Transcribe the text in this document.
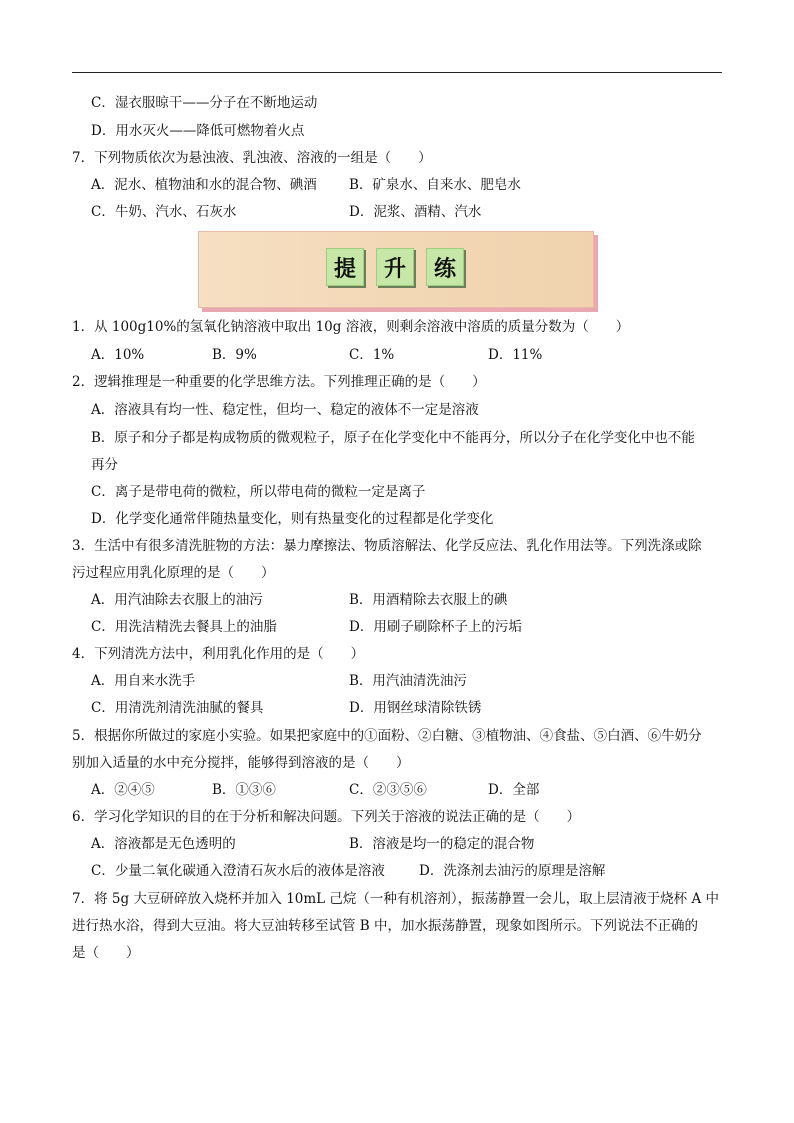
C．湿衣服晾干——分子在不断地运动
D．用水灭火——降低可燃物着火点
7．下列物质依次为悬浊液、乳浊液、溶液的一组是（　　）
A．泥水、植物油和水的混合物、碘酒 B．矿泉水、自来水、肥皂水
C．牛奶、汽水、石灰水	D．泥浆、酒精、汽水
提	升	练
1．从 100g10%的氢氧化钠溶液中取出 10g 溶液，则剩余溶液中溶质的质量分数为（　　）
A．10%	B．9%	C．1%	D．11%
2．逻辑推理是一种重要的化学思维方法。下列推理正确的是（　　）
A．溶液具有均一性、稳定性，但均一、稳定的液体不一定是溶液
B．原子和分子都是构成物质的微观粒子，原子在化学变化中不能再分，所以分子在化学变化中也不能
再分
C．离子是带电荷的微粒，所以带电荷的微粒一定是离子
D．化学变化通常伴随热量变化，则有热量变化的过程都是化学变化
3．生活中有很多清洗脏物的方法：暴力摩擦法、物质溶解法、化学反应法、乳化作用法等。下列洗涤或除
污过程应用乳化原理的是（　　）
A．用汽油除去衣服上的油污	B．用酒精除去衣服上的碘
C．用洗洁精洗去餐具上的油脂	D．用刷子刷除杯子上的污垢
4．下列清洗方法中，利用乳化作用的是（　　）
A．用自来水洗手	B．用汽油清洗油污
C．用清洗剂清洗油腻的餐具	D．用钢丝球清除铁锈
5．根据你所做过的家庭小实验。如果把家庭中的①面粉、②白糖、③植物油、④食盐、⑤白酒、⑥牛奶分
别加入适量的水中充分搅拌，能够得到溶液的是（　　）
A．②④⑤	B．①③⑥	C．②③⑤⑥	D．全部
6．学习化学知识的目的在于分析和解决问题。下列关于溶液的说法正确的是（　　）
A．溶液都是无色透明的	B．溶液是均一的稳定的混合物
C．少量二氧化碳通入澄清石灰水后的液体是溶液	D．洗涤剂去油污的原理是溶解
7．将 5g 大豆研碎放入烧杯并加入 10mL 己烷（一种有机溶剂），振荡静置一会儿，取上层清液于烧杯 A 中
进行热水浴，得到大豆油。将大豆油转移至试管 B 中，加水振荡静置，现象如图所示。下列说法不正确的
是（　　）
